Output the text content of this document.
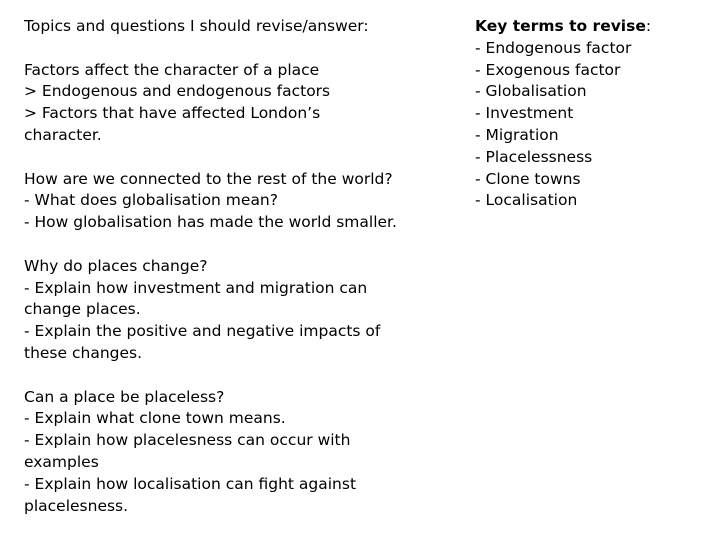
Topics and questions I should revise/answer:
Factors affect the character of a place
> Endogenous and endogenous factors
> Factors that have affected London’s
character.
How are we connected to the rest of the world?
- What does globalisation mean?
- How globalisation has made the world smaller.
Why do places change?
- Explain how investment and migration can
change places.
- Explain the positive and negative impacts of
these changes.
Can a place be placeless?
- Explain what clone town means.
- Explain how placelesness can occur with
examples
- Explain how localisation can fight against
placelesness.
Key terms to revise:
- Endogenous factor
- Exogenous factor
- Globalisation
- Investment
- Migration
- Placelessness
- Clone towns
- Localisation
